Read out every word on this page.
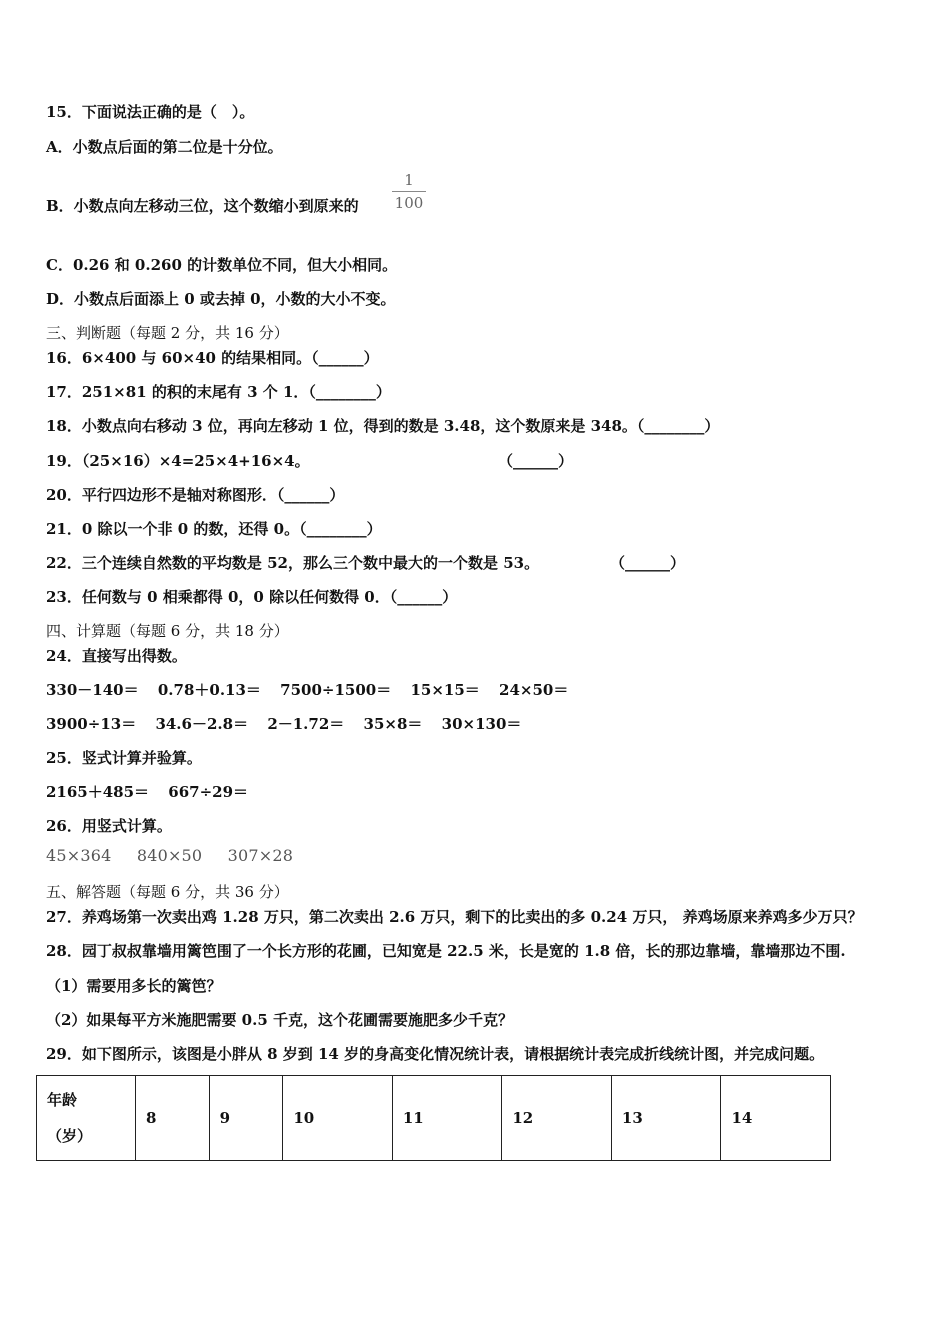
15．下面说法正确的是（　）。
A．小数点后面的第二位是十分位。
B．小数点向左移动三位，这个数缩小到原来的
1
100
C．0.26 和 0.260 的计数单位不同，但大小相同。
D．小数点后面添上 0 或去掉 0，小数的大小不变。
三、判断题（每题 2 分，共 16 分）
16．6×400 与 60×40 的结果相同。（______）
17．251×81 的积的末尾有 3 个 1．（________）
18．小数点向右移动 3 位，再向左移动 1 位，得到的数是 3.48，这个数原来是 348。（________）
19．（25×16）×4=25×4+16×4。	（______）
20．平行四边形不是轴对称图形．（______）
21．0 除以一个非 0 的数，还得 0。（________）
22．三个连续自然数的平均数是 52，那么三个数中最大的一个数是 53。	（______）
23．任何数与 0 相乘都得 0，0 除以任何数得 0．（______）
四、计算题（每题 6 分，共 18 分）
24．直接写出得数。
330－140＝ 0.78＋0.13＝ 7500÷1500＝ 15×15＝ 24×50＝
3900÷13＝ 34.6－2.8＝ 2－1.72＝ 35×8＝ 30×130＝
25．竖式计算并验算。
2165＋485＝ 667÷29＝
26．用竖式计算。
45×364 840×50 307×28
五、解答题（每题 6 分，共 36 分）
27．养鸡场第一次卖出鸡 1.28 万只，第二次卖出 2.6 万只，剩下的比卖出的多 0.24 万只， 养鸡场原来养鸡多少万只？
28．园丁叔叔靠墙用篱笆围了一个长方形的花圃，已知宽是 22.5 米，长是宽的 1.8 倍，长的那边靠墙，靠墙那边不围.
（1）需要用多长的篱笆？
（2）如果每平方米施肥需要 0.5 千克，这个花圃需要施肥多少千克？
29．如下图所示，该图是小胖从 8 岁到 14 岁的身高变化情况统计表，请根据统计表完成折线统计图，并完成问题。
年龄
（岁）
	8	9	10	11	12	13	14
